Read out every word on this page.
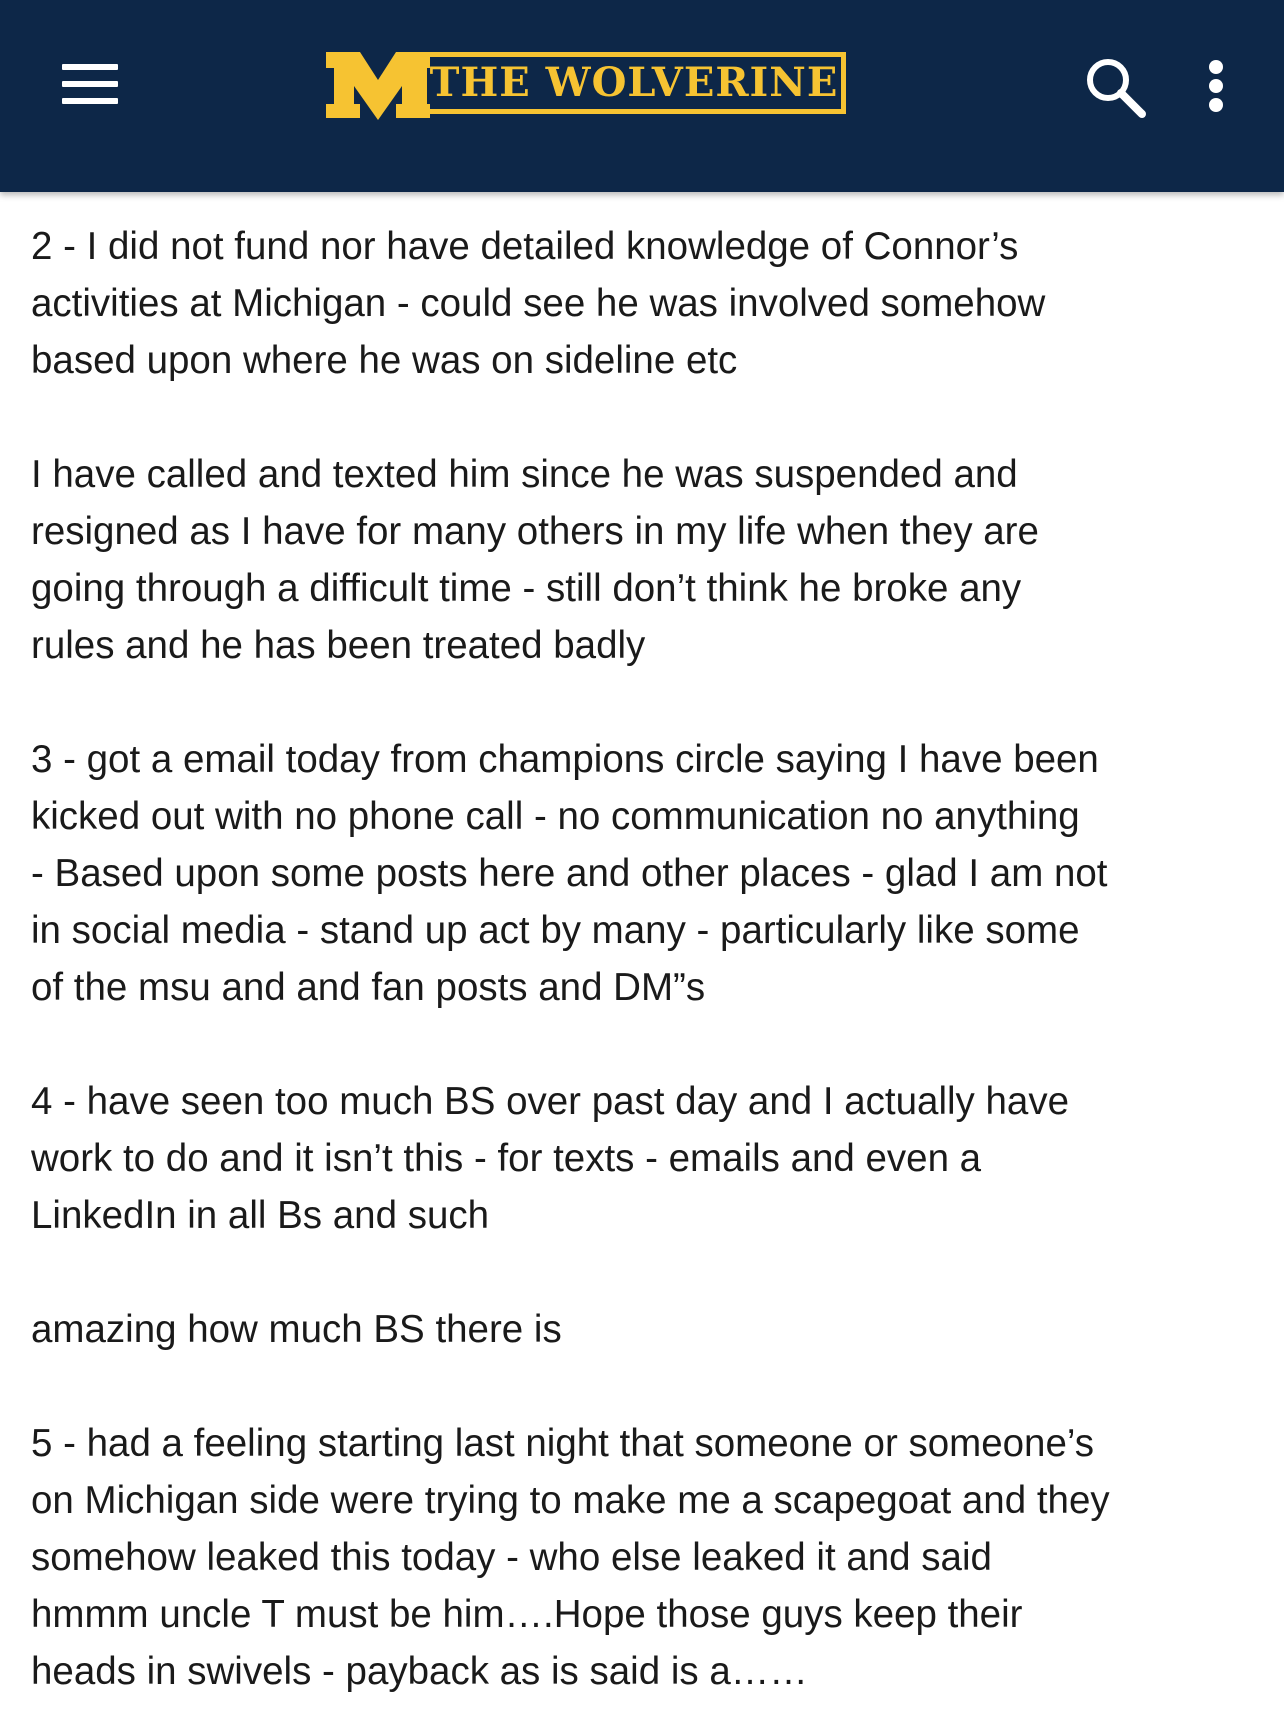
THE WOLVERINE

2 - I did not fund nor have detailed knowledge of Connor’s
activities at Michigan - could see he was involved somehow
based upon where he was on sideline etc

I have called and texted him since he was suspended and
resigned as I have for many others in my life when they are
going through a difficult time - still don’t think he broke any
rules and he has been treated badly

3 - got a email today from champions circle saying I have been
kicked out with no phone call - no communication no anything
- Based upon some posts here and other places - glad I am not
in social media - stand up act by many - particularly like some
of the msu and and fan posts and DM”s

4 - have seen too much BS over past day and I actually have
work to do and it isn’t this - for texts - emails and even a
LinkedIn in all Bs and such

amazing how much BS there is

5 - had a feeling starting last night that someone or someone’s
on Michigan side were trying to make me a scapegoat and they
somehow leaked this today - who else leaked it and said
hmmm uncle T must be him….Hope those guys keep their
heads in swivels - payback as is said is a……
